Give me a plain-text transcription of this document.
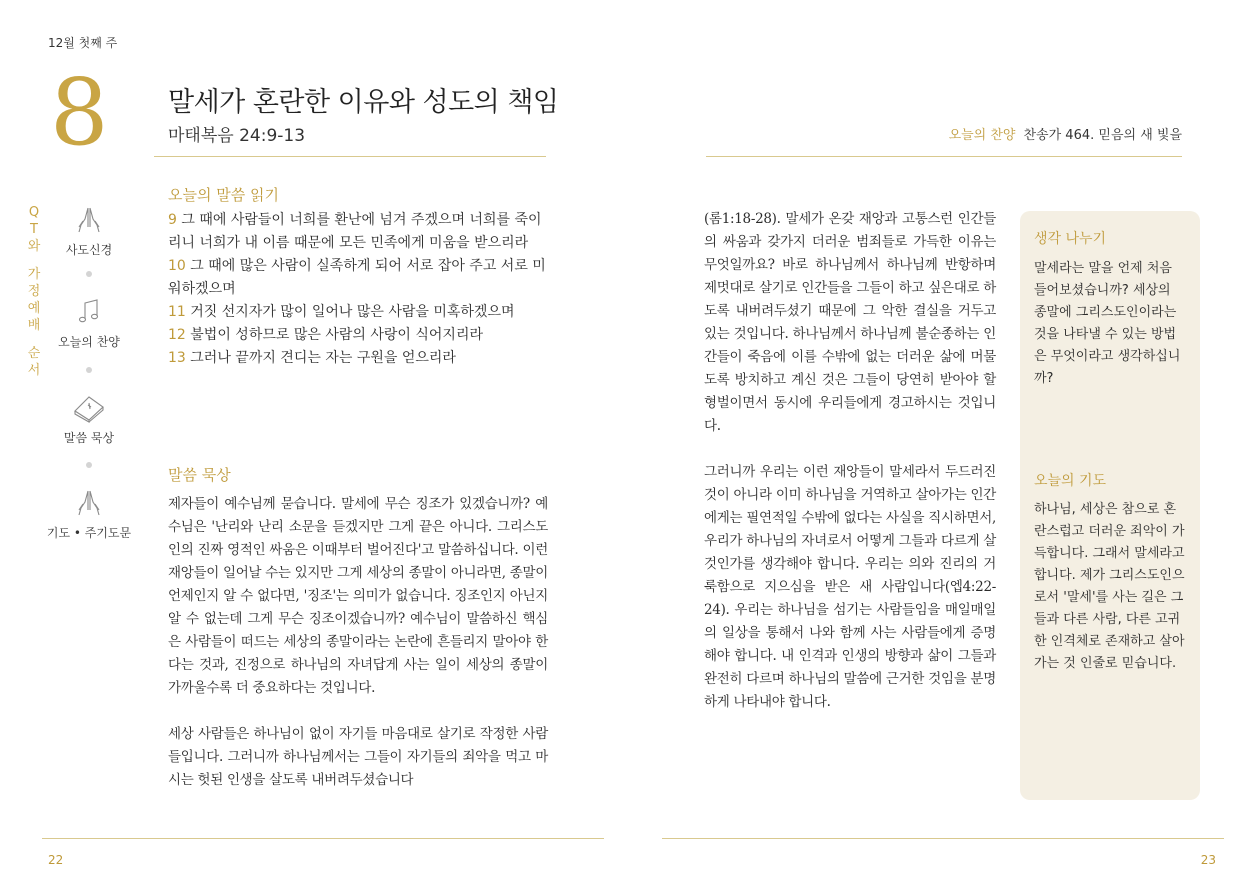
12월 첫째 주
8 말세가 혼란한 이유와 성도의 책임
마태복음 24:9-13	오늘의 찬양 찬송가 464. 믿음의 새 빛을
Q
T
와
가
정
예
배
순
서
사도신경
오늘의 찬양
말씀 묵상
기도 • 주기도문
오늘의 말씀 읽기
9 그 때에 사람들이 너희를 환난에 넘겨 주겠으며 너희를 죽이리니 너희가 내 이름 때문에 모든 민족에게 미움을 받으리라
10 그 때에 많은 사람이 실족하게 되어 서로 잡아 주고 서로 미워하겠으며
11 거짓 선지자가 많이 일어나 많은 사람을 미혹하겠으며
12 불법이 성하므로 많은 사람의 사랑이 식어지리라
13 그러나 끝까지 견디는 자는 구원을 얻으리라
말씀 묵상
제자들이 예수님께 묻습니다. 말세에 무슨 징조가 있겠습니까? 예수님은 '난리와 난리 소문을 듣겠지만 그게 끝은 아니다. 그리스도인의 진짜 영적인 싸움은 이때부터 벌어진다'고 말씀하십니다. 이런 재앙들이 일어날 수는 있지만 그게 세상의 종말이 아니라면, 종말이 언제인지 알 수 없다면, '징조'는 의미가 없습니다. 징조인지 아닌지 알 수 없는데 그게 무슨 징조이겠습니까? 예수님이 말씀하신 핵심은 사람들이 떠드는 세상의 종말이라는 논란에 흔들리지 말아야 한다는 것과, 진정으로 하나님의 자녀답게 사는 일이 세상의 종말이 가까울수록 더 중요하다는 것입니다.
세상 사람들은 하나님이 없이 자기들 마음대로 살기로 작정한 사람들입니다. 그러니까 하나님께서는 그들이 자기들의 죄악을 먹고 마시는 헛된 인생을 살도록 내버려두셨습니다
(롬1:18-28). 말세가 온갖 재앙과 고통스런 인간들의 싸움과 갖가지 더러운 범죄들로 가득한 이유는 무엇일까요? 바로 하나님께서 하나님께 반항하며 제멋대로 살기로 인간들을 그들이 하고 싶은대로 하도록 내버려두셨기 때문에 그 악한 결실을 거두고 있는 것입니다. 하나님께서 하나님께 불순종하는 인간들이 죽음에 이를 수밖에 없는 더러운 삶에 머물도록 방치하고 계신 것은 그들이 당연히 받아야 할 형벌이면서 동시에 우리들에게 경고하시는 것입니다.
그러니까 우리는 이런 재앙들이 말세라서 두드러진 것이 아니라 이미 하나님을 거역하고 살아가는 인간에게는 필연적일 수밖에 없다는 사실을 직시하면서, 우리가 하나님의 자녀로서 어떻게 그들과 다르게 살 것인가를 생각해야 합니다. 우리는 의와 진리의 거룩함으로 지으심을 받은 새 사람입니다(엡4:22-24). 우리는 하나님을 섬기는 사람들임을 매일매일의 일상을 통해서 나와 함께 사는 사람들에게 증명해야 합니다. 내 인격과 인생의 방향과 삶이 그들과 완전히 다르며 하나님의 말씀에 근거한 것임을 분명하게 나타내야 합니다.
생각 나누기
말세라는 말을 언제 처음 들어보셨습니까? 세상의 종말에 그리스도인이라는 것을 나타낼 수 있는 방법은 무엇이라고 생각하십니까?
오늘의 기도
하나님, 세상은 참으로 혼란스럽고 더러운 죄악이 가득합니다. 그래서 말세라고 합니다. 제가 그리스도인으로서 '말세'를 사는 길은 그들과 다른 사람, 다른 고귀한 인격체로 존재하고 살아가는 것 인줄로 믿습니다.
22	23
